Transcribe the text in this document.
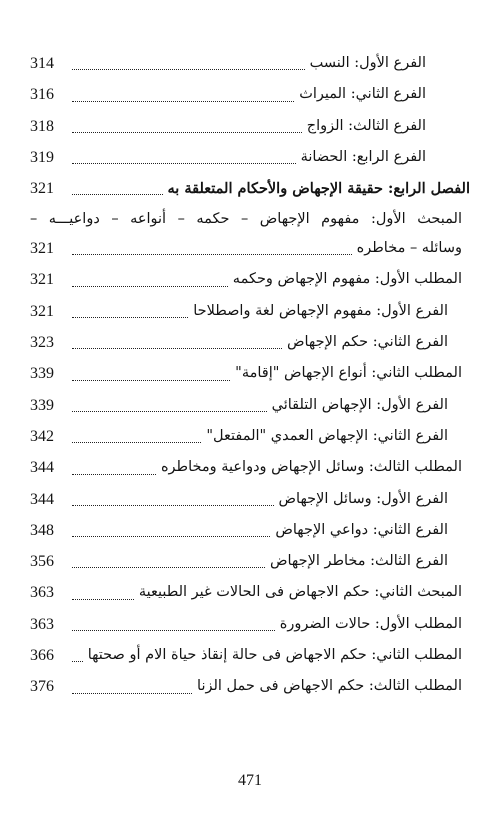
314	الفرع الأول: النسب
316	الفرع الثاني: الميراث
318	الفرع الثالث: الزواج
319	الفرع الرابع: الحضانة
321	الفصل الرابع: حقيقة الإجهاض والأحكام المتعلقة به
المبحث الأول: مفهوم الإجهاض – حكمه – أنواعه – دواعيـــه –
321	وسائله – مخاطره
321	المطلب الأول: مفهوم الإجهاض وحكمه
321	الفرع الأول: مفهوم الإجهاض لغة واصطلاحا
323	الفرع الثاني: حكم الإجهاض
339	المطلب الثاني: أنواع الإجهاض "إقامة"
339	الفرع الأول: الإجهاض التلقائي
342	الفرع الثاني: الإجهاض العمدي "المفتعل"
344	المطلب الثالث: وسائل الإجهاض ودواعية ومخاطره
344	الفرع الأول: وسائل الإجهاض
348	الفرع الثاني: دواعي الإجهاض
356	الفرع الثالث: مخاطر الإجهاض
363	المبحث الثاني: حكم الاجهاض فى الحالات غير الطبيعية
363	المطلب الأول: حالات الضرورة
366 المطلب الثاني: حكم الاجهاض فى حالة إنقاذ حياة الام أو صحتها
376	المطلب الثالث: حكم الاجهاض فى حمل الزنا
471
